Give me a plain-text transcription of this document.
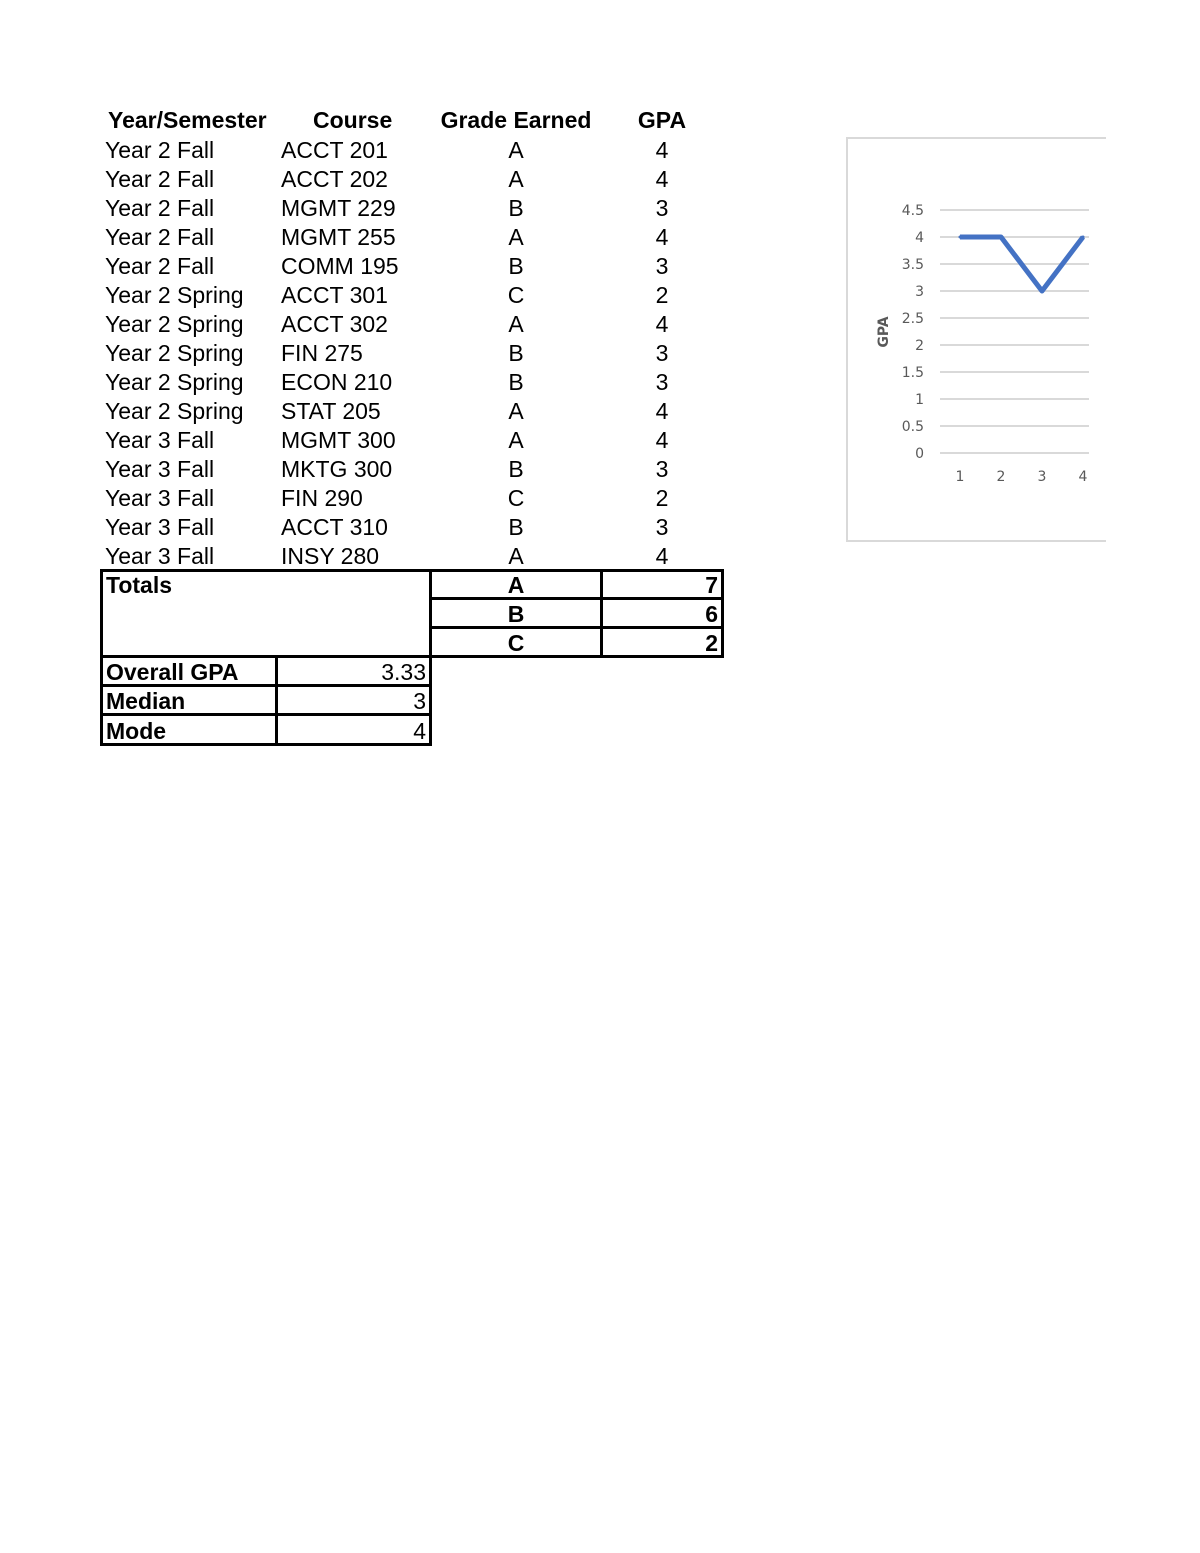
Year/Semester Course	Grade Earned	GPA
Year 2 Fall	ACCT 201	A	4
Year 2 Fall	ACCT 202	A	4
Year 2 Fall	MGMT 229	B	3
Year 2 Fall	MGMT 255	A	4
Year 2 Fall	COMM 195	B	3
Year 2 Spring ACCT 301	C	2
Year 2 Spring ACCT 302	A	4
Year 2 Spring FIN 275	B	3
Year 2 Spring ECON 210	B	3
Year 2 Spring STAT 205	A	4
Year 3 Fall	MGMT 300	A	4
Year 3 Fall	MKTG 300	B	3
Year 3 Fall	FIN 290	C	2
Year 3 Fall	ACCT 310	B	3
Year 3 Fall	INSY 280	A	4
Totals	A	7
B	6
C	2
Overall GPA	3.33
Median	3
Mode	4
0
0.5
1
1.5
2
2.5
3
3.5
4
4.5
1 2 3 4
GPA
